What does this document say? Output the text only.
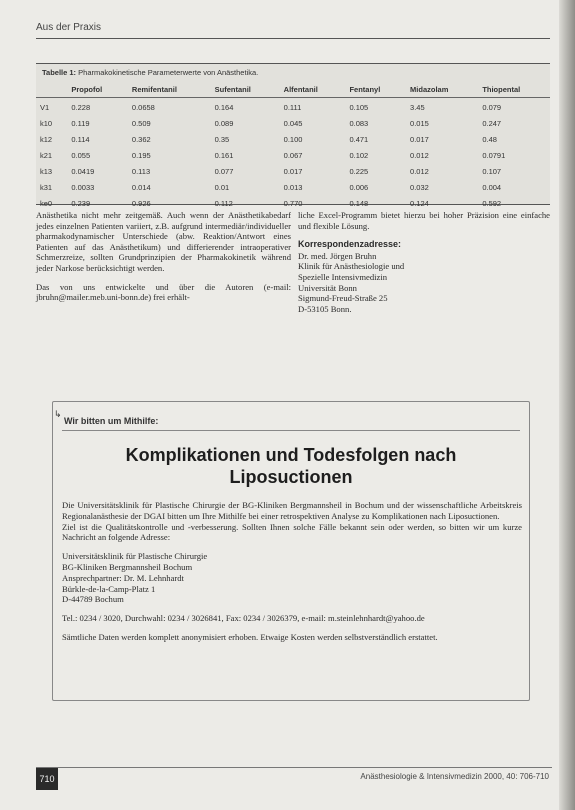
Aus der Praxis
Tabelle 1: Pharmakokinetische Parameterwerte von Anästhetika.
	Propofol	Remifentanil	Sufentanil	Alfentanil	Fentanyl	Midazolam	Thiopental
V1	0.228	0.0658	0.164	0.111	0.105	3.45	0.079
k10	0.119	0.509	0.089	0.045	0.083	0.015	0.247
k12	0.114	0.362	0.35	0.100	0.471	0.017	0.48
k21	0.055	0.195	0.161	0.067	0.102	0.012	0.0791
k13	0.0419	0.113	0.077	0.017	0.225	0.012	0.107
k31	0.0033	0.014	0.01	0.013	0.006	0.032	0.004
ke0	0.239	0.926	0.112	0.770	0.148	0.124	0.592

Anästhetika nicht mehr zeitgemäß. Auch wenn der Anästhetikabedarf jedes einzelnen Patienten variiert, z.B. aufgrund intermediär/individueller pharmakodynamischer Unterschiede (abw. Reaktion/Antwort eines Patienten auf das Anästhetikum) und differierender intraoperativer Schmerzreize, sollten Grundprinzipien der Pharmakokinetik während jeder Narkose berücksichtigt werden.

Das von uns entwickelte und über die Autoren (e-mail: jbruhn@mailer.meb.uni-bonn.de) frei erhält-

liche Excel-Programm bietet hierzu bei hoher Präzision eine einfache und flexible Lösung.

Korrespondenzadresse:
Dr. med. Jörgen Bruhn
Klinik für Anästhesiologie und
Spezielle Intensivmedizin
Universität Bonn
Sigmund-Freud-Straße 25
D-53105 Bonn.
↳
Wir bitten um Mithilfe:
Komplikationen und Todesfolgen nach Liposuctionen

Die Universitätsklinik für Plastische Chirurgie der BG-Kliniken Bergmannsheil in Bochum und der wissenschaftliche Arbeitskreis Regionalanästhesie der DGAI bitten um Ihre Mithilfe bei einer retrospektiven Analyse zu Komplikationen nach Liposuctionen.

Ziel ist die Qualitätskontrolle und -verbesserung. Sollten Ihnen solche Fälle bekannt sein oder werden, so bitten wir um kurze Nachricht an folgende Adresse:

Universitätsklinik für Plastische Chirurgie
BG-Kliniken Bergmannsheil Bochum
Ansprechpartner: Dr. M. Lehnhardt
Bürkle-de-la-Camp-Platz 1
D-44789 Bochum

Tel.: 0234 / 3020, Durchwahl: 0234 / 3026841, Fax: 0234 / 3026379, e-mail: m.steinlehnhardt@yahoo.de

Sämtliche Daten werden komplett anonymisiert erhoben. Etwaige Kosten werden selbstverständlich erstattet.

710	Anästhesiologie & Intensivmedizin 2000, 40: 706-710
